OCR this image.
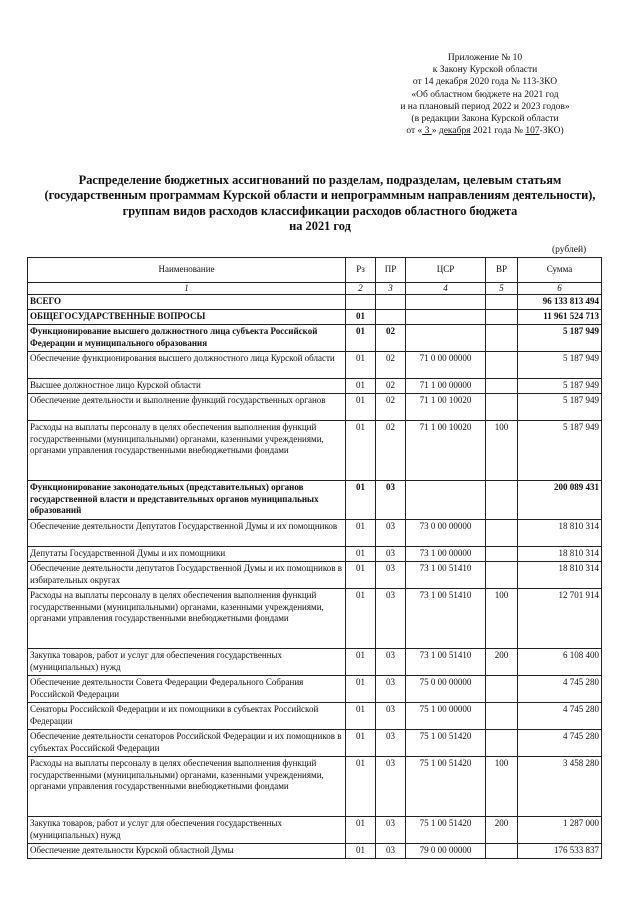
Приложение № 10
к Закону Курской области
от 14 декабря 2020 года № 113-ЗКО
«Об областном бюджете на 2021 год
и на плановый период 2022 и 2023 годов»
(в редакции Закона Курской области
от « 3 » декабря 2021 года № 107-ЗКО)
Распределение бюджетных ассигнований по разделам, подразделам, целевым статьям
(государственным программам Курской области и непрограммным направлениям деятельности),
группам видов расходов классификации расходов областного бюджета
на 2021 год
(рублей)
Наименование	Рз	ПР	ЦСР	ВР	Сумма
1	2	3	4	5	6
ВСЕГО					96 133 813 494
ОБЩЕГОСУДАРСТВЕННЫЕ ВОПРОСЫ	01				11 961 524 713
Функционирование высшего должностного лица субъекта Российской Федерации и муниципального образования	01	02			5 187 949
Обеспечение функционирования высшего должностного лица Курской области	01	02	71 0 00 00000		5 187 949
Высшее должностное лицо Курской области	01	02	71 1 00 00000		5 187 949
Обеспечение деятельности и выполнение функций государственных органов	01	02	71 1 00 10020		5 187 949
Расходы на выплаты персоналу в целях обеспечения выполнения функций государственными (муниципальными) органами, казенными учреждениями, органами управления государственными внебюджетными фондами	01	02	71 1 00 10020	100	5 187 949
Функционирование законодательных (представительных) органов государственной власти и представительных органов муниципальных образований	01	03			200 089 431
Обеспечение деятельности Депутатов Государственной Думы и их помощников	01	03	73 0 00 00000		18 810 314
Депутаты Государственной Думы и их помощники	01	03	73 1 00 00000		18 810 314
Обеспечение деятельности депутатов Государственной Думы и их помощников в избирательных округах	01	03	73 1 00 51410		18 810 314
Расходы на выплаты персоналу в целях обеспечения выполнения функций государственными (муниципальными) органами, казенными учреждениями, органами управления государственными внебюджетными фондами	01	03	73 1 00 51410	100	12 701 914
Закупка товаров, работ и услуг для обеспечения государственных (муниципальных) нужд	01	03	73 1 00 51410	200	6 108 400
Обеспечение деятельности Совета Федерации Федерального Собрания Российской Федерации	01	03	75 0 00 00000		4 745 280
Сенаторы Российской Федерации и их помощники в субъектах Российской Федерации	01	03	75 1 00 00000		4 745 280
Обеспечение деятельности сенаторов Российской Федерации и их помощников в субъектах Российской Федерации	01	03	75 1 00 51420		4 745 280
Расходы на выплаты персоналу в целях обеспечения выполнения функций государственными (муниципальными) органами, казенными учреждениями, органами управления государственными внебюджетными фондами	01	03	75 1 00 51420	100	3 458 280
Закупка товаров, работ и услуг для обеспечения государственных (муниципальных) нужд	01	03	75 1 00 51420	200	1 287 000
Обеспечение деятельности Курской областной Думы	01	03	79 0 00 00000		176 533 837
